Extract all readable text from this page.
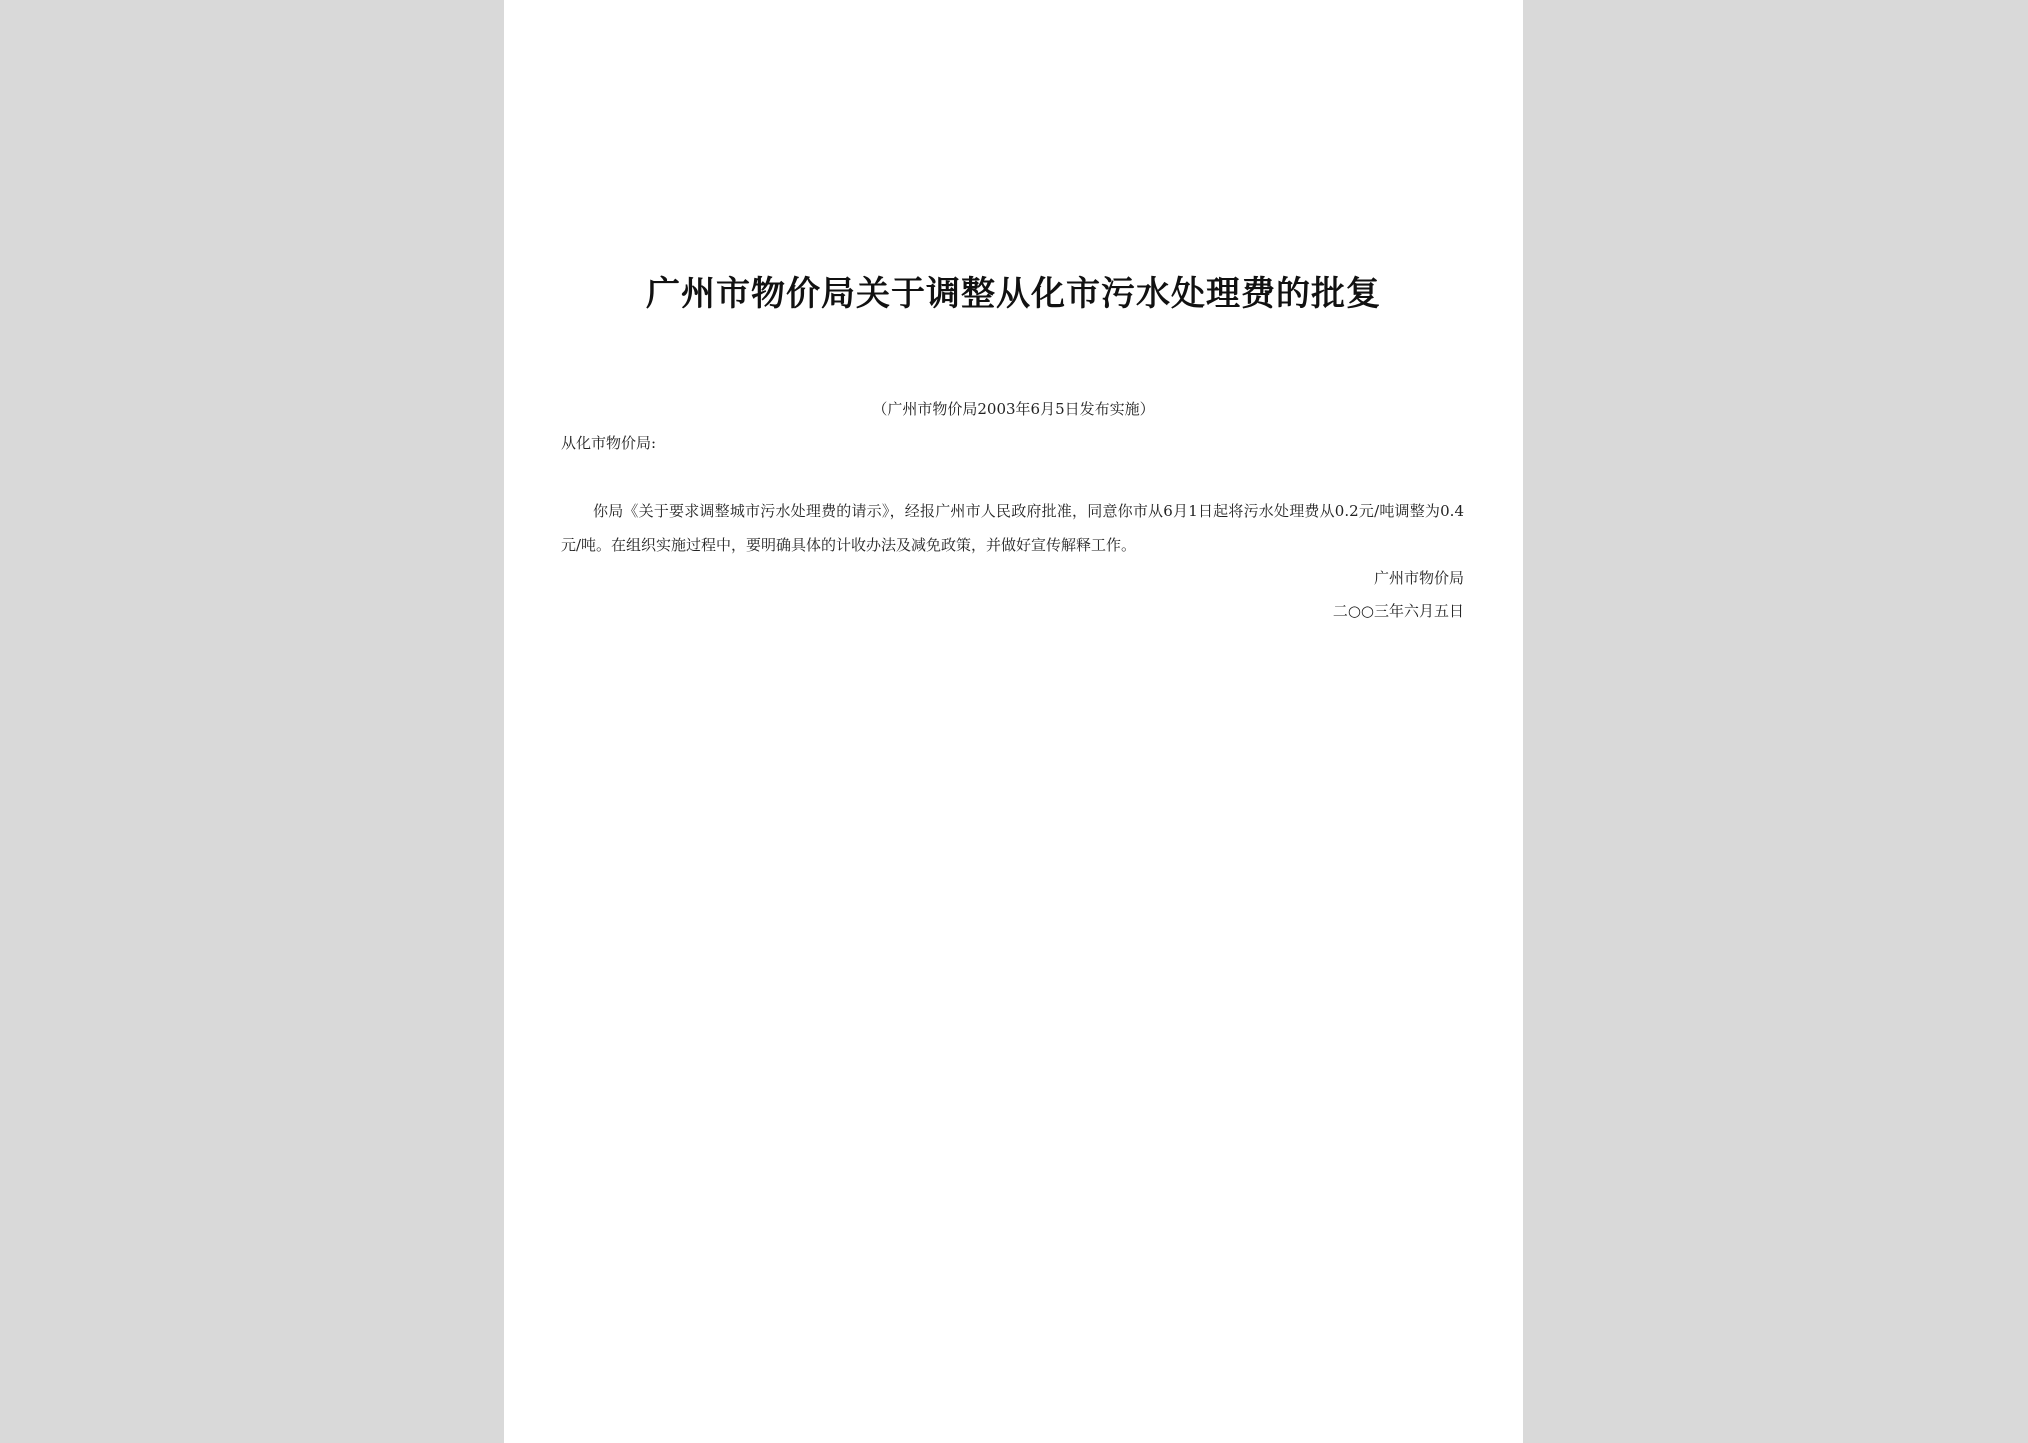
广州市物价局关于调整从化市污水处理费的批复
（广州市物价局2003年6月5日发布实施）
从化市物价局:
你局《关于要求调整城市污水处理费的请示》，经报广州市人民政府批准，同意你市从6月1日起将污水处理费从0.2元/吨调整为0.4元/吨。在组织实施过程中，要明确具体的计收办法及减免政策，并做好宣传解释工作。
广州市物价局
二○○三年六月五日
